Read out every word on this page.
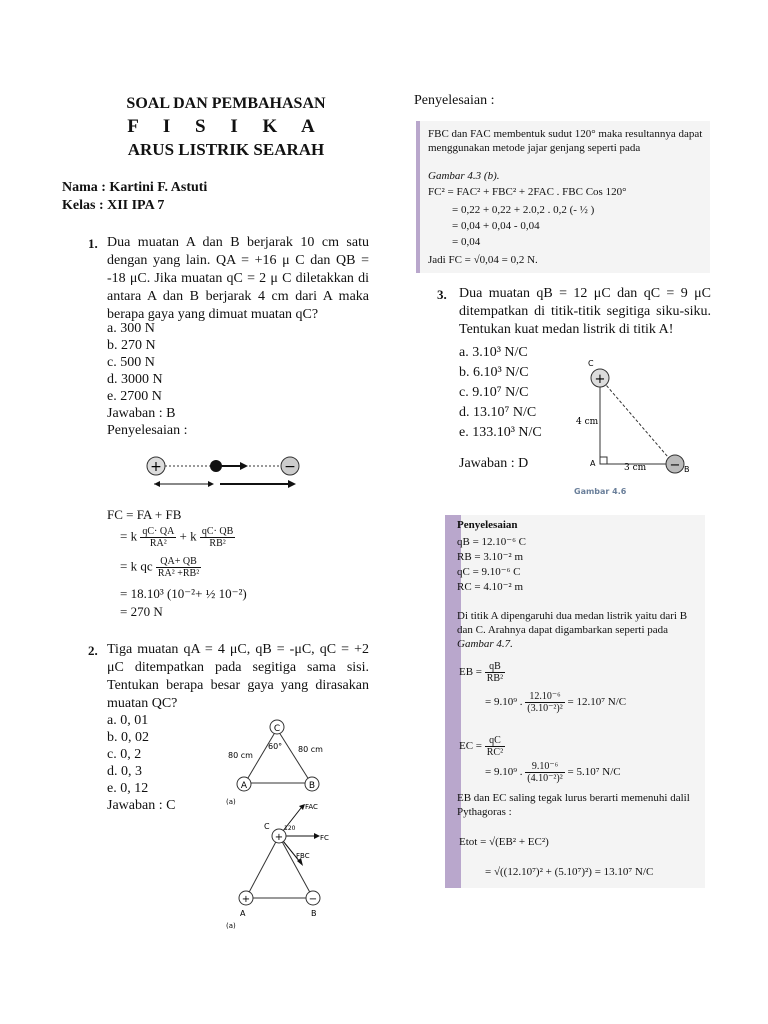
SOAL DAN PEMBAHASAN
F I S I K A
ARUS LISTRIK SEARAH
Nama : Kartini F. Astuti
Kelas : XII IPA 7
1. Dua muatan A dan B berjarak 10 cm satu dengan yang lain. QA = +16 μ C dan QB = -18 μC. Jika muatan qC = 2 μ C diletakkan di antara A dan B berjarak 4 cm dari A maka berapa gaya yang dimuat muatan qC?
a. 300 N
b. 270 N
c. 500 N
d. 3000 N
e. 2700 N
Jawaban : B
Penyelesaian :
+	−
FC = FA + FB
= k $\frac{qC\cdot QA}{\text{RA²}} + k \frac{qC\cdot QB}{\text{RB²}}$
= k qc $\frac{QA+ QB}{\text{RA² +RB²}}$
= 18.10³ (10⁻²+ ½ 10⁻²)
= 270 N
2. Tiga muatan qA = 4 μC, qB = -μC, qC = +2 μC ditempatkan pada segitiga sama sisi. Tentukan berapa besar gaya yang dirasakan muatan QC?
a. 0, 01
b. 0, 02
c. 0, 2
d. 0, 3
e. 0, 12
Jawaban : C
C
A	B
60°
80 cm
80 cm
(a)
+
+	−
C
A	B
120
FAC
FC
FBC
(a)
Penyelesaian :
FBC dan FAC membentuk sudut 120° maka resultannya dapat menggunakan metode jajar genjang seperti pada
Gambar 4.3 (b).
FC² = FAC² + FBC² + 2FAC . FBC Cos 120°
= 0,22 + 0,22 + 2.0,2 . 0,2 (- ½ )
= 0,04 + 0,04 - 0,04
= 0,04
Jadi FC = √0,04 = 0,2 N.
3. Dua muatan qB = 12 μC dan qC = 9 μC ditempatkan di titik-titik segitiga siku-siku. Tentukan kuat medan listrik di titik A!
a. 3.10³ N/C
b. 6.10³ N/C
c. 9.10⁷ N/C
d. 13.10⁷ N/C
e. 133.10³ N/C
Jawaban : D
+
−
C
A
B
4 cm
3 cm
Gambar 4.6
Penyelesaian
qB = 12.10⁻⁶ C
RB = 3.10⁻² m
qC = 9.10⁻⁶ C
RC = 4.10⁻² m
Di titik A dipengaruhi dua medan listrik yaitu dari B dan C. Arahnya dapat digambarkan seperti pada
Gambar 4.7.
EB = $\frac{qB}{\text{RB²}}$
= 9.10⁹ . $\frac{\text{12.10⁻⁶}}{\text{(3.10⁻²)²}} = 12.10^7$ N/C
EC = $\frac{qC}{\text{RC²}}$
= 9.10⁹ . $\frac{\text{9.10⁻⁶}}{\text{(4.10⁻²)²}} = 5.10^7$ N/C
EB dan EC saling tegak lurus berarti memenuhi dalil Pythagoras :
Etot = √(EB² + EC²)
= √((12.10⁷)² + (5.10⁷)²) = 13.10⁷ N/C
